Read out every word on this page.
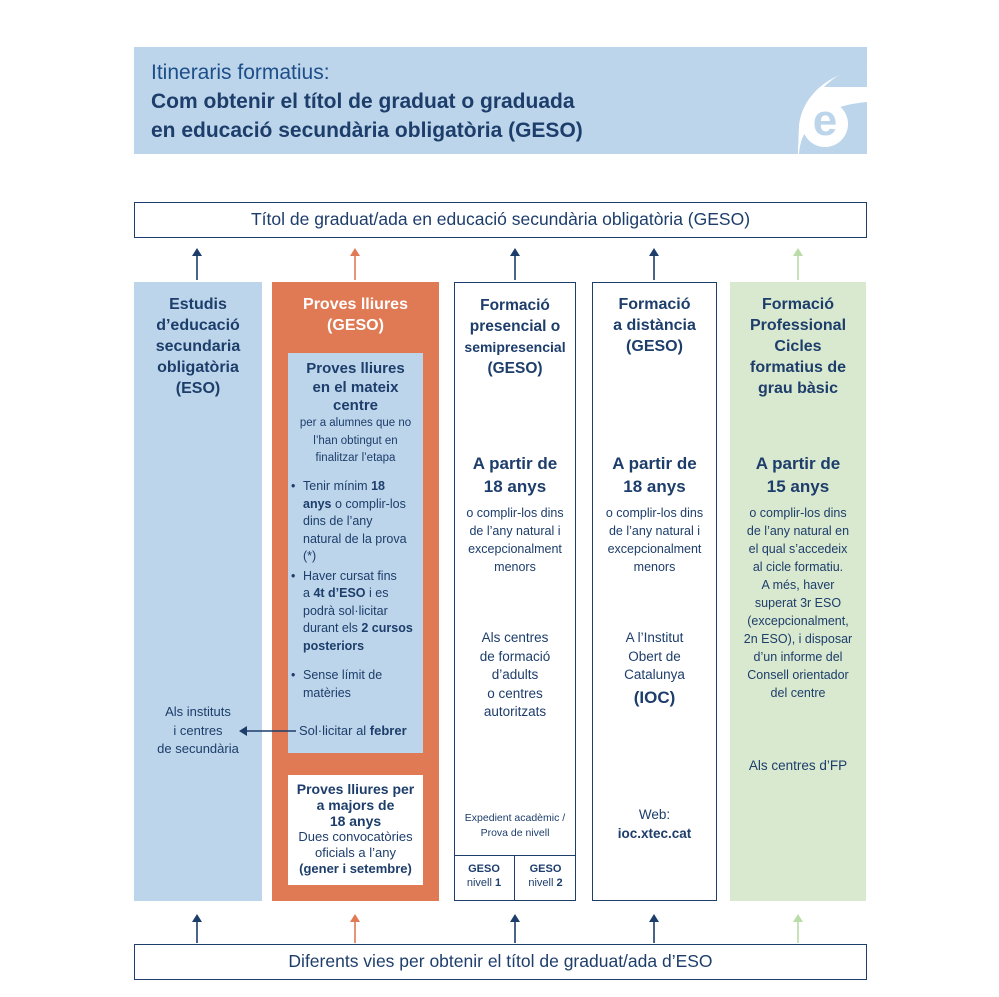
e
Itineraris formatius:
Com obtenir el títol de graduat o graduada
en educació secundària obligatòria (GESO)
Títol de graduat/ada en educació secundària obligatòria (GESO)
Estudis
d’educació
secundaria
obligatòria
(ESO)
Als instituts
i centres
de secundària
Proves lliures
(GESO)
Proves lliures
en el mateix
centre
per a alumnes que no
l’han obtingut en
finalitzar l’etapa
• Tenir mínim 18
anys o complir-los
dins de l’any
natural de la prova
(*)
• Haver cursat fins
a 4t d’ESO i es
podrà sol·licitar
durant els 2 cursos
posteriors
• Sense límit de
matèries
Sol·licitar al febrer
Proves lliures per
a majors de
18 anys
Dues convocatòries
oficials a l’any
(gener i setembre)
Formació
presencial o
semipresencial
(GESO)
A partir de
18 anys
o complir-los dins
de l’any natural i
excepcionalment
menors
Als centres
de formació
d’adults
o centres
autoritzats
Expedient acadèmic /
Prova de nivell
GESO
nivell 1
GESO
nivell 2
Formació
a distància
(GESO)
A partir de
18 anys
o complir-los dins
de l’any natural i
excepcionalment
menors
A l’Institut
Obert de
Catalunya
(IOC)
Web:
ioc.xtec.cat
Formació
Professional
Cicles
formatius de
grau bàsic
A partir de
15 anys
o complir-los dins
de l’any natural en
el qual s’accedeix
al cicle formatiu.
A més, haver
superat 3r ESO
(excepcionalment,
2n ESO), i disposar
d’un informe del
Consell orientador
del centre
Als centres d’FP
Diferents vies per obtenir el títol de graduat/ada d’ESO
